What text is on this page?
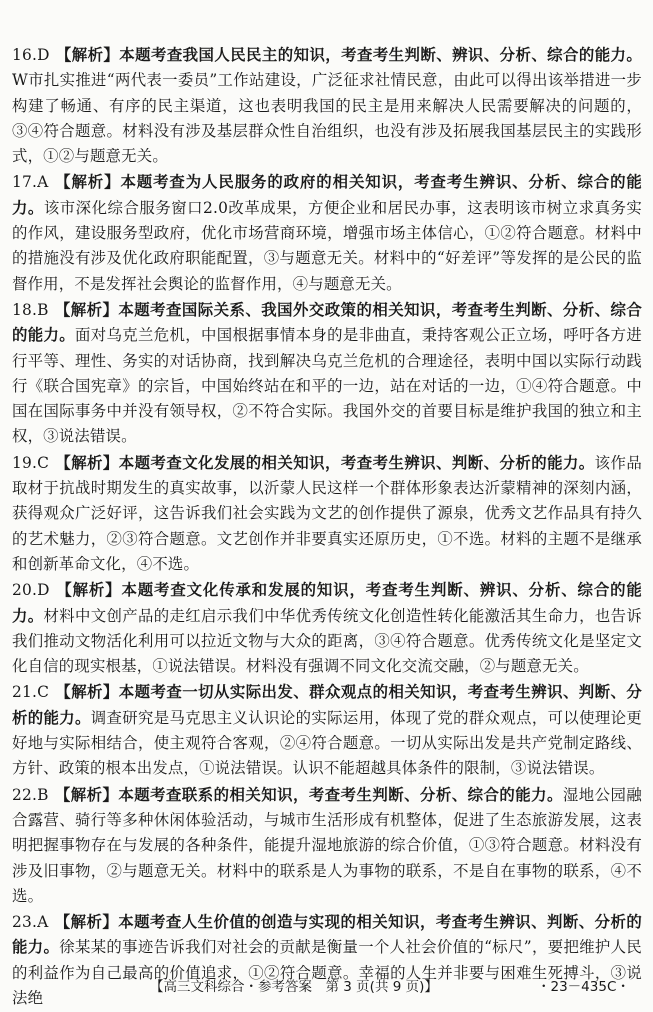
16.D 【解析】本题考查我国人民民主的知识，考查考生判断、辨识、分析、综合的能力。W市扎实推进“两代表一委员”工作站建设，广泛征求社情民意，由此可以得出该举措进一步构建了畅通、有序的民主渠道，这也表明我国的民主是用来解决人民需要解决的问题的，③④符合题意。材料没有涉及基层群众性自治组织，也没有涉及拓展我国基层民主的实践形式，①②与题意无关。

17.A 【解析】本题考查为人民服务的政府的相关知识，考查考生辨识、分析、综合的能力。该市深化综合服务窗口2.0改革成果，方便企业和居民办事，这表明该市树立求真务实的作风，建设服务型政府，优化市场营商环境，增强市场主体信心，①②符合题意。材料中的措施没有涉及优化政府职能配置，③与题意无关。材料中的“好差评”等发挥的是公民的监督作用，不是发挥社会舆论的监督作用，④与题意无关。

18.B 【解析】本题考查国际关系、我国外交政策的相关知识，考查考生判断、分析、综合的能力。面对乌克兰危机，中国根据事情本身的是非曲直，秉持客观公正立场，呼吁各方进行平等、理性、务实的对话协商，找到解决乌克兰危机的合理途径，表明中国以实际行动践行《联合国宪章》的宗旨，中国始终站在和平的一边，站在对话的一边，①④符合题意。中国在国际事务中并没有领导权，②不符合实际。我国外交的首要目标是维护我国的独立和主权，③说法错误。

19.C 【解析】本题考查文化发展的相关知识，考查考生辨识、判断、分析的能力。该作品取材于抗战时期发生的真实故事，以沂蒙人民这样一个群体形象表达沂蒙精神的深刻内涵，获得观众广泛好评，这告诉我们社会实践为文艺的创作提供了源泉，优秀文艺作品具有持久的艺术魅力，②③符合题意。文艺创作并非要真实还原历史，①不选。材料的主题不是继承和创新革命文化，④不选。

20.D 【解析】本题考查文化传承和发展的知识，考查考生判断、辨识、分析、综合的能力。材料中文创产品的走红启示我们中华优秀传统文化创造性转化能激活其生命力，也告诉我们推动文物活化利用可以拉近文物与大众的距离，③④符合题意。优秀传统文化是坚定文化自信的现实根基，①说法错误。材料没有强调不同文化交流交融，②与题意无关。

21.C 【解析】本题考查一切从实际出发、群众观点的相关知识，考查考生辨识、判断、分析的能力。调查研究是马克思主义认识论的实际运用，体现了党的群众观点，可以使理论更好地与实际相结合，使主观符合客观，②④符合题意。一切从实际出发是共产党制定路线、方针、政策的根本出发点，①说法错误。认识不能超越具体条件的限制，③说法错误。

22.B 【解析】本题考查联系的相关知识，考查考生判断、分析、综合的能力。湿地公园融合露营、骑行等多种休闲体验活动，与城市生活形成有机整体，促进了生态旅游发展，这表明把握事物存在与发展的各种条件，能提升湿地旅游的综合价值，①③符合题意。材料没有涉及旧事物，②与题意无关。材料中的联系是人为事物的联系，不是自在事物的联系，④不选。

23.A 【解析】本题考查人生价值的创造与实现的相关知识，考查考生辨识、判断、分析的能力。徐某某的事迹告诉我们对社会的贡献是衡量一个人社会价值的“标尺”，要把维护人民的利益作为自己最高的价值追求，①②符合题意。幸福的人生并非要与困难生死搏斗，③说法绝

【高三文科综合・参考答案　第 3 页(共 9 页)】	・23－435C・
